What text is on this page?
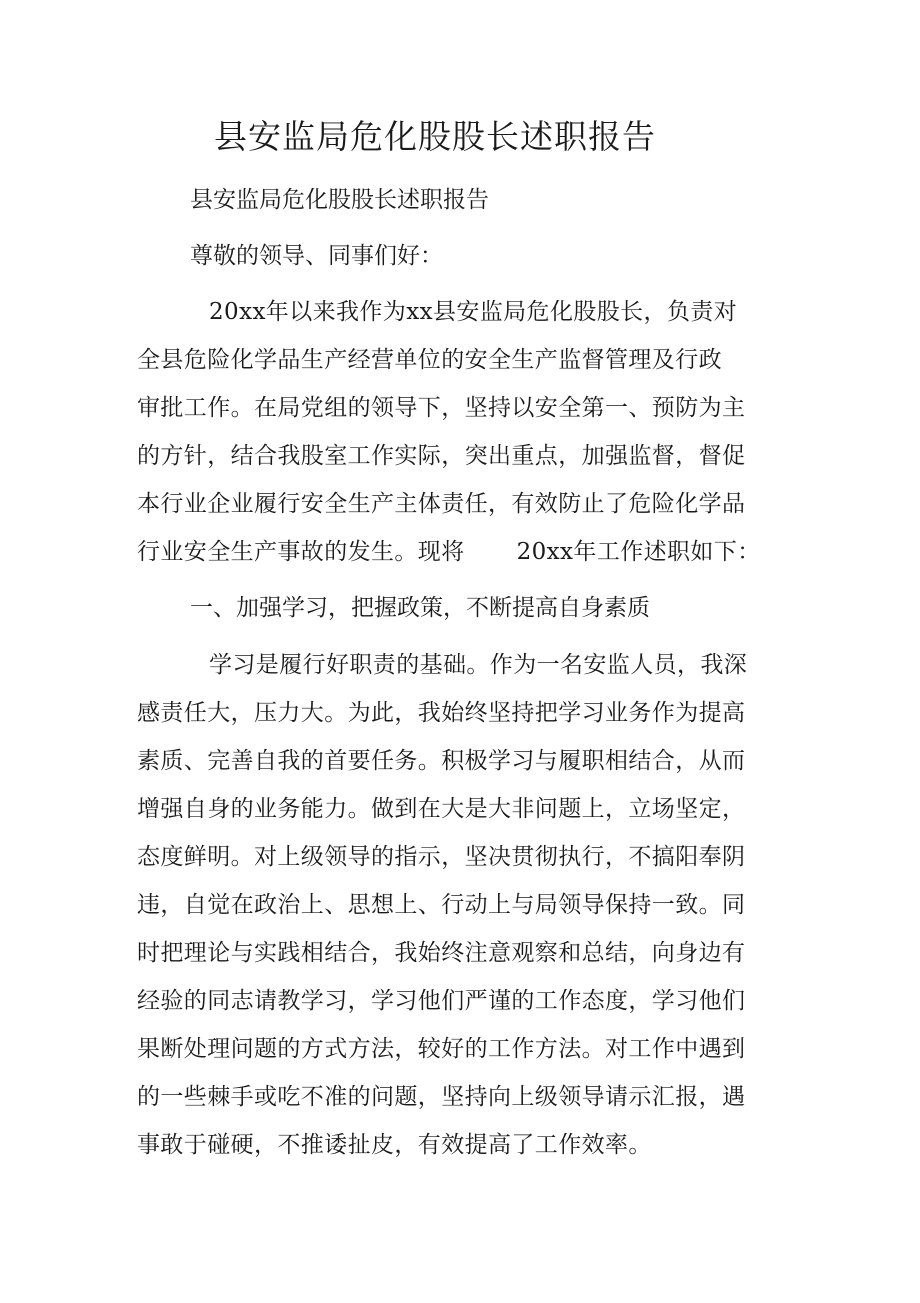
县安监局危化股股长述职报告

县安监局危化股股长述职报告

尊敬的领导、同事们好：

20xx年以来我作为xx县安监局危化股股长，负责对

全县危险化学品生产经营单位的安全生产监督管理及行政

审批工作。在局党组的领导下，坚持以安全第一、预防为主

的方针，结合我股室工作实际，突出重点，加强监督，督促

本行业企业履行安全生产主体责任，有效防止了危险化学品

行业安全生产事故的发生。现将 20xx年工作述职如下：

一、加强学习，把握政策，不断提高自身素质

学习是履行好职责的基础。作为一名安监人员，我深

感责任大，压力大。为此，我始终坚持把学习业务作为提高

素质、完善自我的首要任务。积极学习与履职相结合，从而

增强自身的业务能力。做到在大是大非问题上，立场坚定，

态度鲜明。对上级领导的指示，坚决贯彻执行，不搞阳奉阴

违，自觉在政治上、思想上、行动上与局领导保持一致。同

时把理论与实践相结合，我始终注意观察和总结，向身边有

经验的同志请教学习，学习他们严谨的工作态度，学习他们

果断处理问题的方式方法，较好的工作方法。对工作中遇到

的一些棘手或吃不准的问题，坚持向上级领导请示汇报，遇

事敢于碰硬，不推诿扯皮，有效提高了工作效率。
